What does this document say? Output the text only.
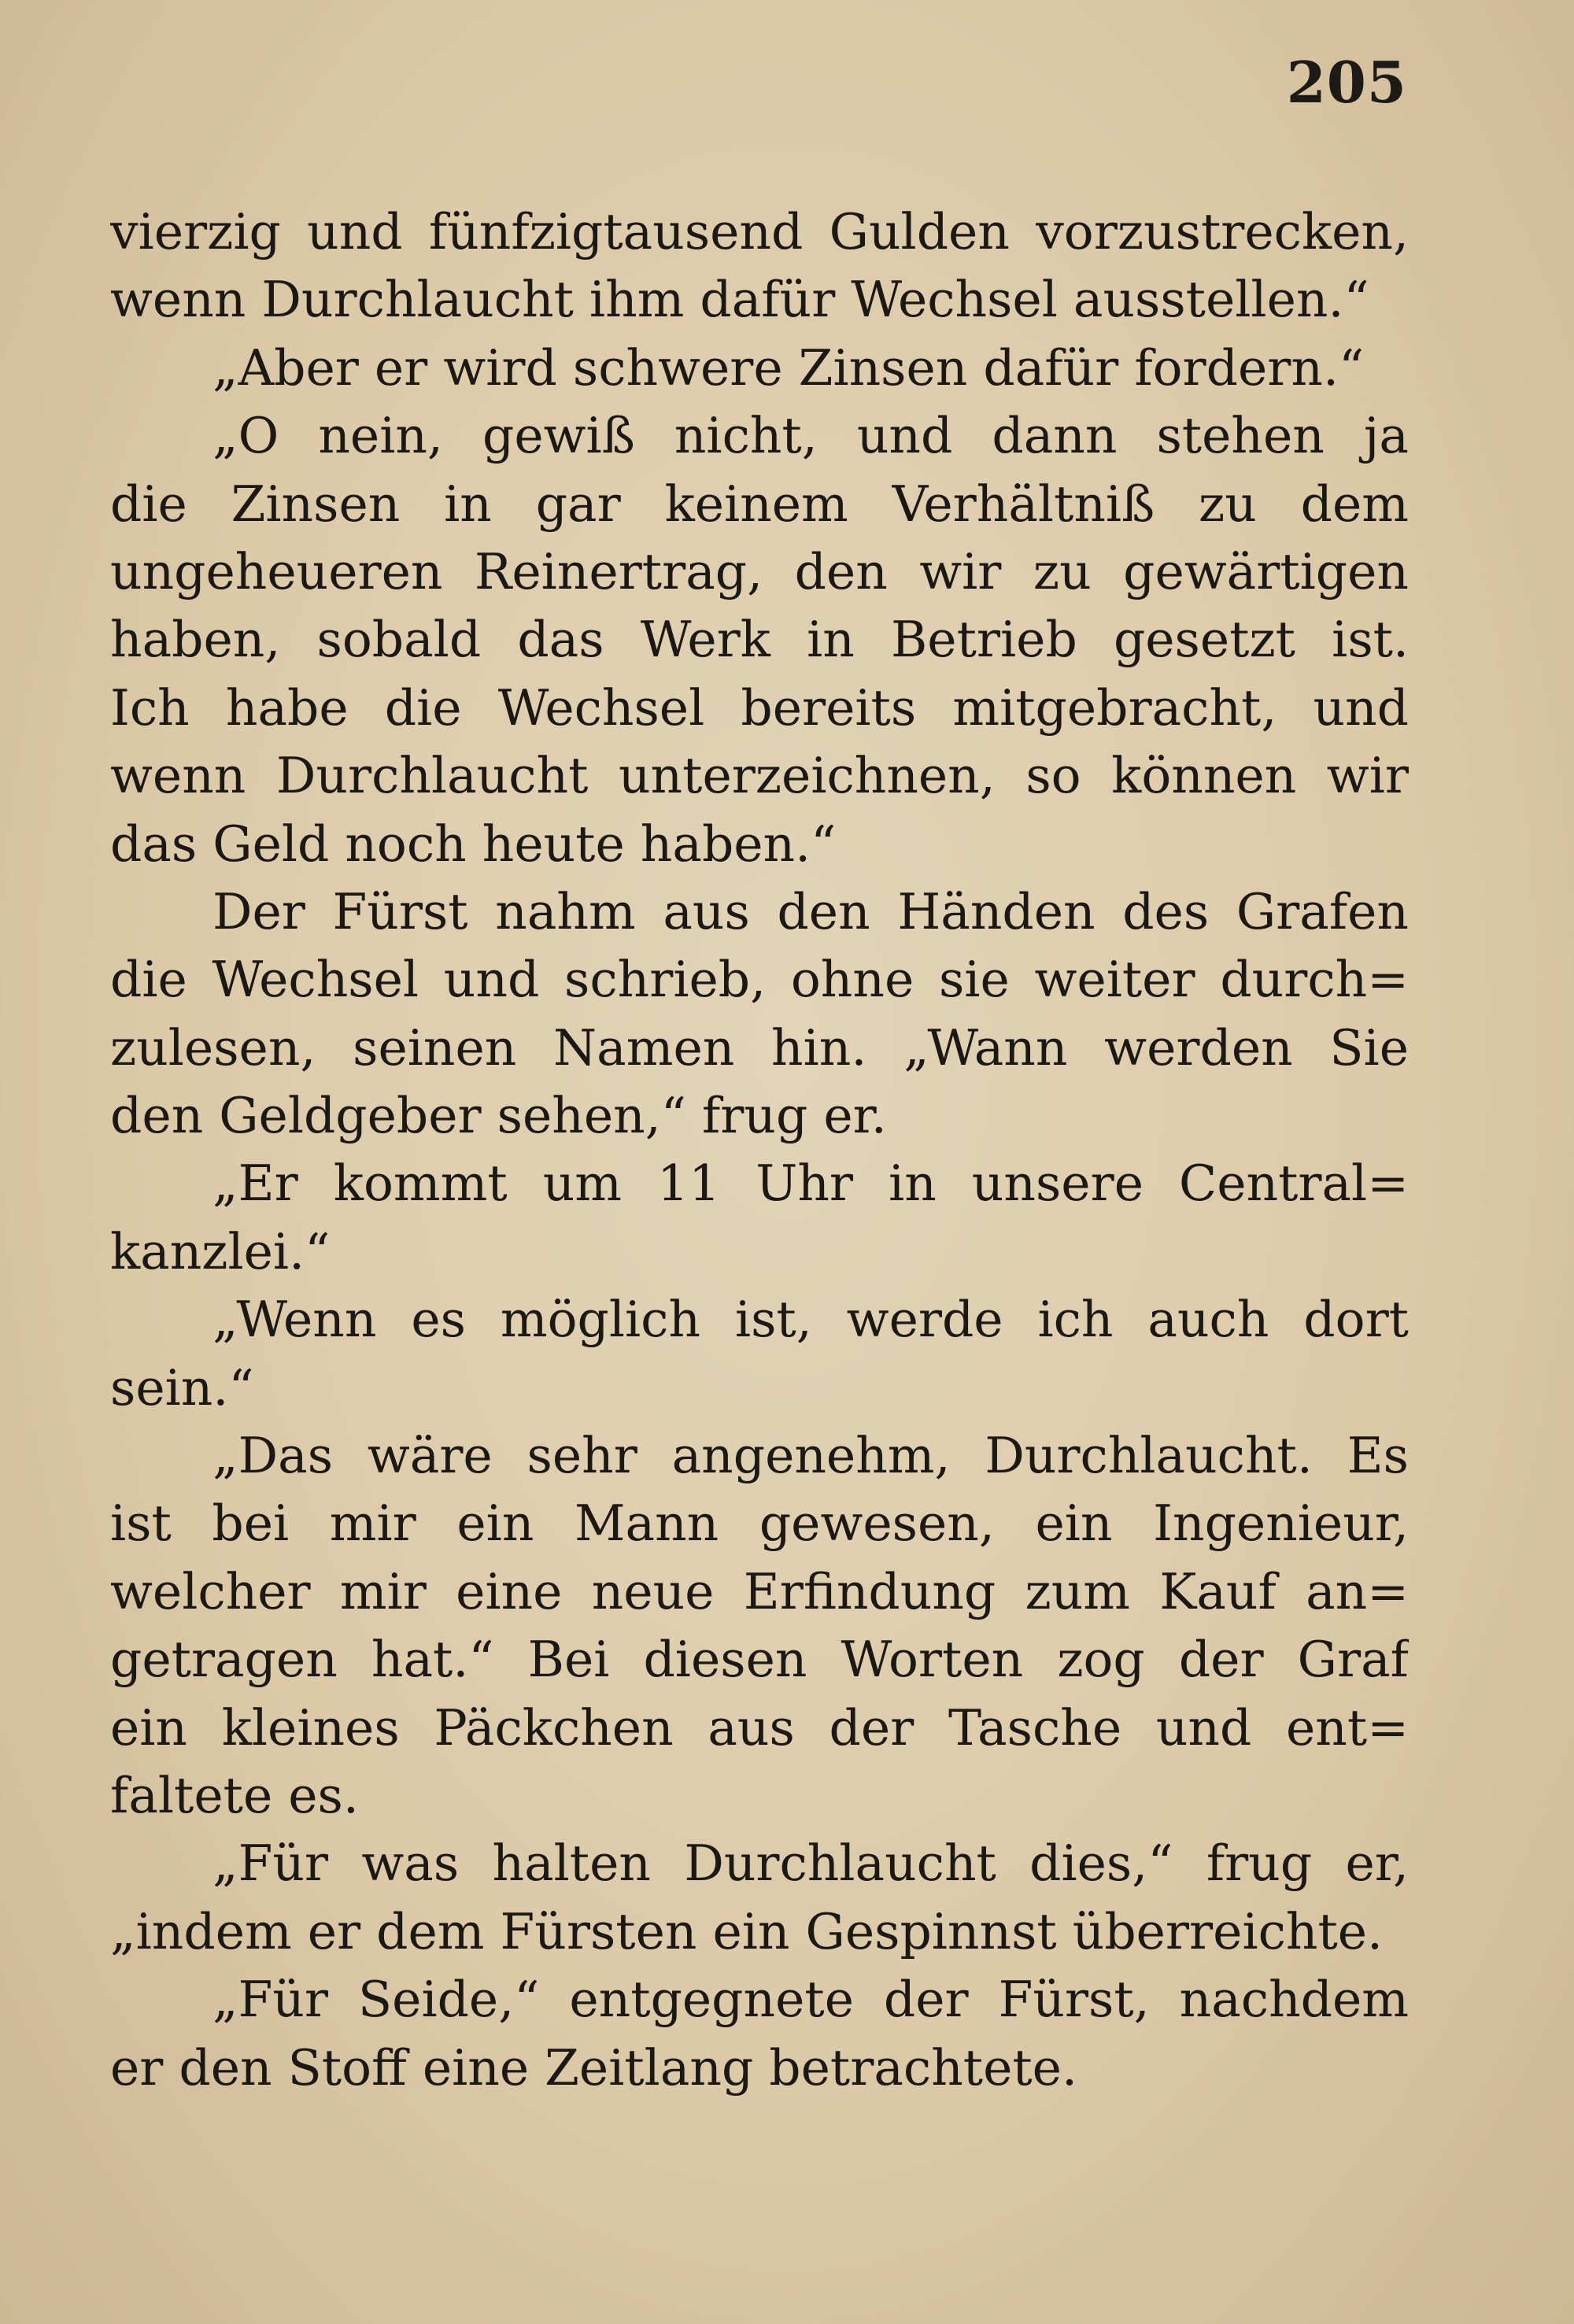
205
vierzig und fünfzigtausend Gulden vorzustrecken,
wenn Durchlaucht ihm dafür Wechsel ausstellen.“
„Aber er wird schwere Zinsen dafür fordern.“
„O nein, gewiß nicht, und dann stehen ja
die Zinsen in gar keinem Verhältniß zu dem
ungeheueren Reinertrag, den wir zu gewärtigen
haben, sobald das Werk in Betrieb gesetzt ist.
Ich habe die Wechsel bereits mitgebracht, und
wenn Durchlaucht unterzeichnen, so können wir
das Geld noch heute haben.“
Der Fürst nahm aus den Händen des Grafen
die Wechsel und schrieb, ohne sie weiter durch=
zulesen, seinen Namen hin. „Wann werden Sie
den Geldgeber sehen,“ frug er.
„Er kommt um 11 Uhr in unsere Central=
kanzlei.“
„Wenn es möglich ist, werde ich auch dort
sein.“
„Das wäre sehr angenehm, Durchlaucht. Es
ist bei mir ein Mann gewesen, ein Ingenieur,
welcher mir eine neue Erfindung zum Kauf an=
getragen hat.“ Bei diesen Worten zog der Graf
ein kleines Päckchen aus der Tasche und ent=
faltete es.
„Für was halten Durchlaucht dies,“ frug er,
„indem er dem Fürsten ein Gespinnst überreichte.
„Für Seide,“ entgegnete der Fürst, nachdem
er den Stoff eine Zeitlang betrachtete.
